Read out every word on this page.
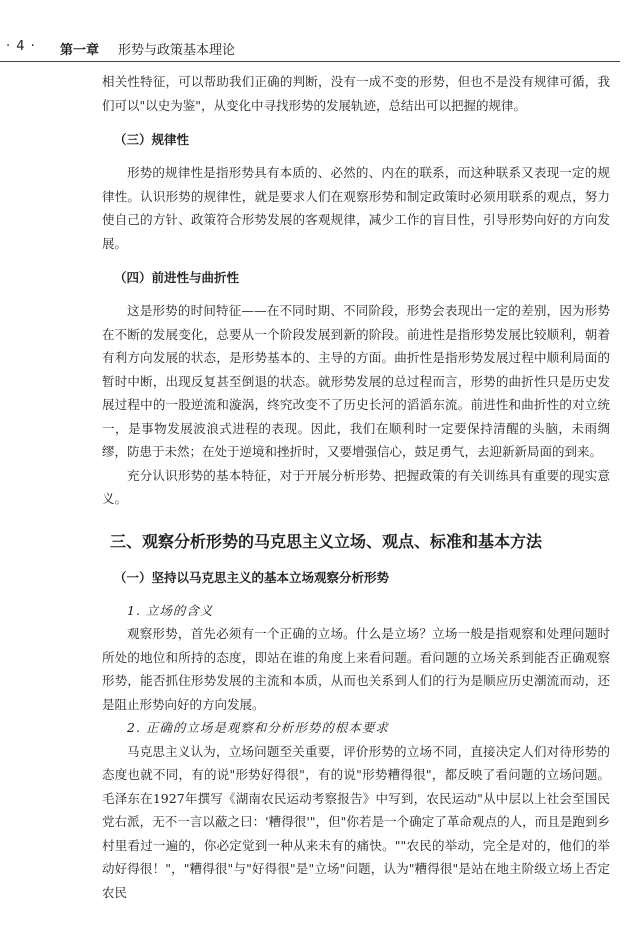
· 4 · 第一章 形势与政策基本理论

相关性特征，可以帮助我们正确的判断，没有一成不变的形势，但也不是没有规律可循，我们可以"以史为鉴"，从变化中寻找形势的发展轨迹，总结出可以把握的规律。

（三）规律性

形势的规律性是指形势具有本质的、必然的、内在的联系，而这种联系又表现一定的规律性。认识形势的规律性，就是要求人们在观察形势和制定政策时必须用联系的观点，努力使自己的方针、政策符合形势发展的客观规律，减少工作的盲目性，引导形势向好的方向发展。

（四）前进性与曲折性

这是形势的时间特征——在不同时期、不同阶段，形势会表现出一定的差别，因为形势在不断的发展变化，总要从一个阶段发展到新的阶段。前进性是指形势发展比较顺利，朝着有利方向发展的状态，是形势基本的、主导的方面。曲折性是指形势发展过程中顺利局面的暂时中断，出现反复甚至倒退的状态。就形势发展的总过程而言，形势的曲折性只是历史发展过程中的一股逆流和漩涡，终究改变不了历史长河的滔滔东流。前进性和曲折性的对立统一，是事物发展波浪式进程的表现。因此，我们在顺利时一定要保持清醒的头脑，未雨绸缪，防患于未然；在处于逆境和挫折时，又要增强信心，鼓足勇气，去迎新新局面的到来。

充分认识形势的基本特征，对于开展分析形势、把握政策的有关训练具有重要的现实意义。

三、观察分析形势的马克思主义立场、观点、标准和基本方法
（一）坚持以马克思主义的基本立场观察分析形势
1. 立场的含义

观察形势，首先必须有一个正确的立场。什么是立场？立场一般是指观察和处理问题时所处的地位和所持的态度，即站在谁的角度上来看问题。看问题的立场关系到能否正确观察形势，能否抓住形势发展的主流和本质，从而也关系到人们的行为是顺应历史潮流而动，还是阻止形势向好的方向发展。

2. 正确的立场是观察和分析形势的根本要求

马克思主义认为，立场问题至关重要，评价形势的立场不同，直接决定人们对待形势的态度也就不同，有的说"形势好得很"，有的说"形势糟得很"，都反映了看问题的立场问题。毛泽东在1927年撰写《湖南农民运动考察报告》中写到，农民运动"从中层以上社会至国民党右派，无不一言以蔽之曰：'糟得很'"，但"你若是一个确定了革命观点的人，而且是跑到乡村里看过一遍的，你必定觉到一种从来未有的痛快。""农民的举动，完全是对的，他们的举动好得很！"，"糟得很"与"好得很"是"立场"问题，认为"糟得很"是站在地主阶级立场上否定农民
